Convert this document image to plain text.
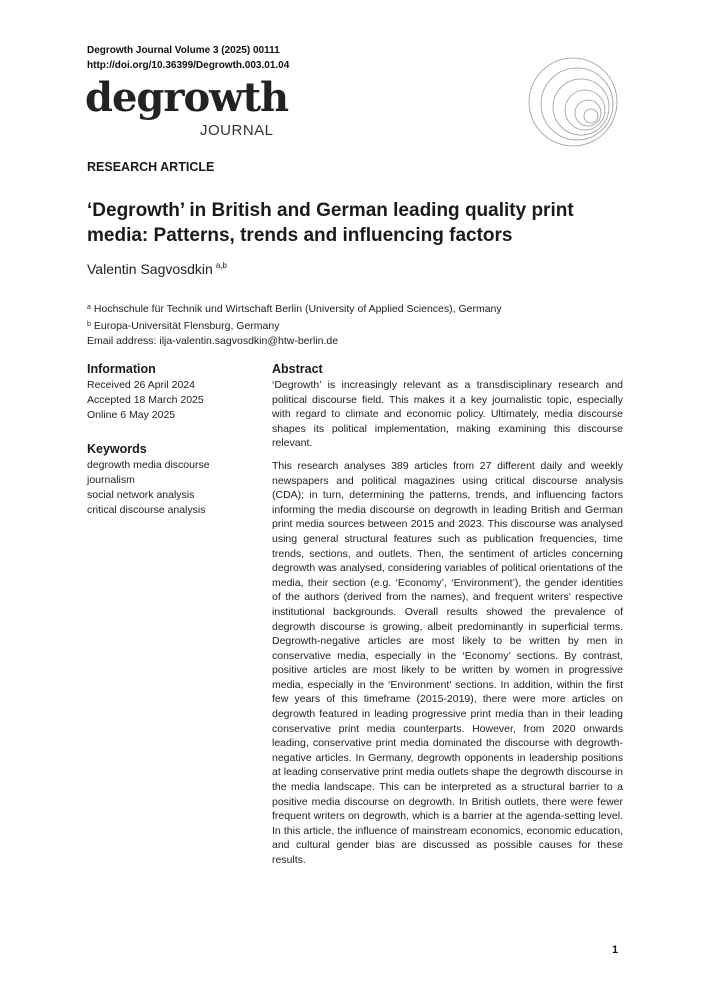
Degrowth Journal Volume 3 (2025) 00111
http://doi.org/10.36399/Degrowth.003.01.04
degrowth
JOURNAL
RESEARCH ARTICLE
‘Degrowth’ in British and German leading quality print media: Patterns, trends and influencing factors
Valentin Sagvosdkin $^{a,b}$
$^a$ Hochschule für Technik und Wirtschaft Berlin (University of Applied Sciences), Germany
$^b$ Europa-Universität Flensburg, Germany
Email address: ilja-valentin.sagvosdkin@htw-berlin.de
Information
Received 26 April 2024
Accepted 18 March 2025
Online 6 May 2025
Keywords
degrowth media discourse
journalism
social network analysis
critical discourse analysis
Abstract

‘Degrowth’ is increasingly relevant as a transdisciplinary research and political discourse field. This makes it a key journalistic topic, especially with regard to climate and economic policy. Ultimately, media discourse shapes its political implementation, making examining this discourse relevant.

This research analyses 389 articles from 27 different daily and weekly newspapers and political magazines using critical discourse analysis (CDA); in turn, determining the patterns, trends, and influencing factors informing the media discourse on degrowth in leading British and German print media sources between 2015 and 2023. This discourse was analysed using general structural features such as publication frequencies, time trends, sections, and outlets. Then, the sentiment of articles concerning degrowth was analysed, considering variables of political orientations of the media, their section (e.g. ‘Economy’, ‘Environment’), the gender identities of the authors (derived from the names), and frequent writers' respective institutional backgrounds. Overall results showed the prevalence of degrowth discourse is growing, albeit predominantly in superficial terms. Degrowth-negative articles are most likely to be written by men in conservative media, especially in the ‘Economy’ sections. By contrast, positive articles are most likely to be written by women in progressive media, especially in the ‘Environment’ sections. In addition, within the first few years of this timeframe (2015-2019), there were more articles on degrowth featured in leading progressive print media than in their leading conservative print media counterparts. However, from 2020 onwards leading, conservative print media dominated the discourse with degrowth-negative articles. In Germany, degrowth opponents in leadership positions at leading conservative print media outlets shape the degrowth discourse in the media landscape. This can be interpreted as a structural barrier to a positive media discourse on degrowth. In British outlets, there were fewer frequent writers on degrowth, which is a barrier at the agenda-setting level. In this article, the influence of mainstream economics, economic education, and cultural gender bias are discussed as possible causes for these results.

1
